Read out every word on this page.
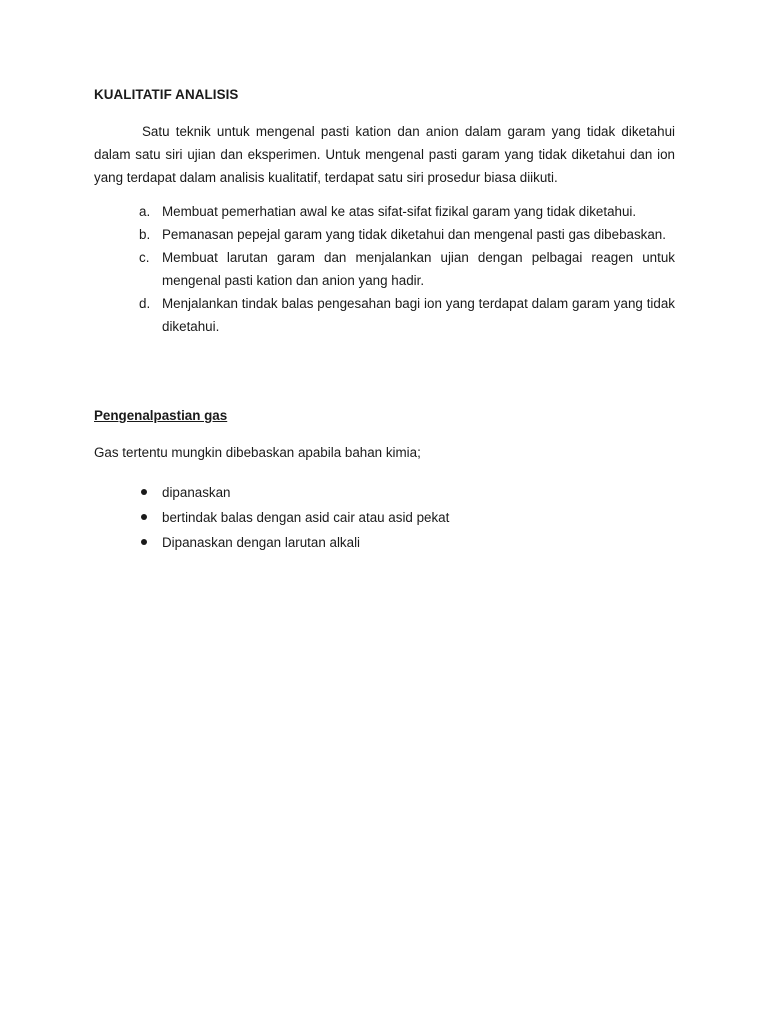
KUALITATIF ANALISIS

Satu teknik untuk mengenal pasti kation dan anion dalam garam yang tidak diketahui dalam satu siri ujian dan eksperimen. Untuk mengenal pasti garam yang tidak diketahui dan ion yang terdapat dalam analisis kualitatif, terdapat satu siri prosedur biasa diikuti.

a. Membuat pemerhatian awal ke atas sifat-sifat fizikal garam yang tidak diketahui.
b. Pemanasan pepejal garam yang tidak diketahui dan mengenal pasti gas dibebaskan.
c. Membuat larutan garam dan menjalankan ujian dengan pelbagai reagen untuk mengenal pasti kation dan anion yang hadir.
d. Menjalankan tindak balas pengesahan bagi ion yang terdapat dalam garam yang tidak diketahui.
Pengenalpastian gas
Gas tertentu mungkin dibebaskan apabila bahan kimia;
dipanaskan
bertindak balas dengan asid cair atau asid pekat
Dipanaskan dengan larutan alkali
